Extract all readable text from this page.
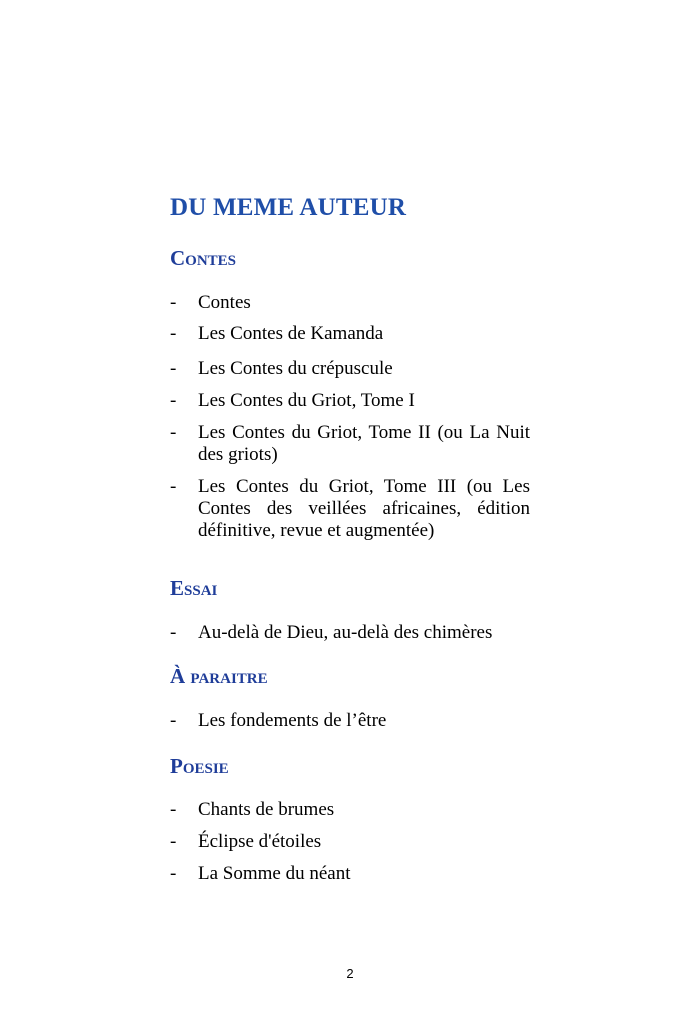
DU MEME AUTEUR
Contes
- Contes
- Les Contes de Kamanda
- Les Contes du crépuscule
- Les Contes du Griot, Tome I
- Les Contes du Griot, Tome II (ou La Nuit des griots)
- Les Contes du Griot, Tome III (ou Les Contes des veillées africaines, édition définitive, revue et augmentée)
Essai
- Au-delà de Dieu, au-delà des chimères
À paraitre
- Les fondements de l’être
Poesie
- Chants de brumes
- Éclipse d'étoiles
- La Somme du néant
2
